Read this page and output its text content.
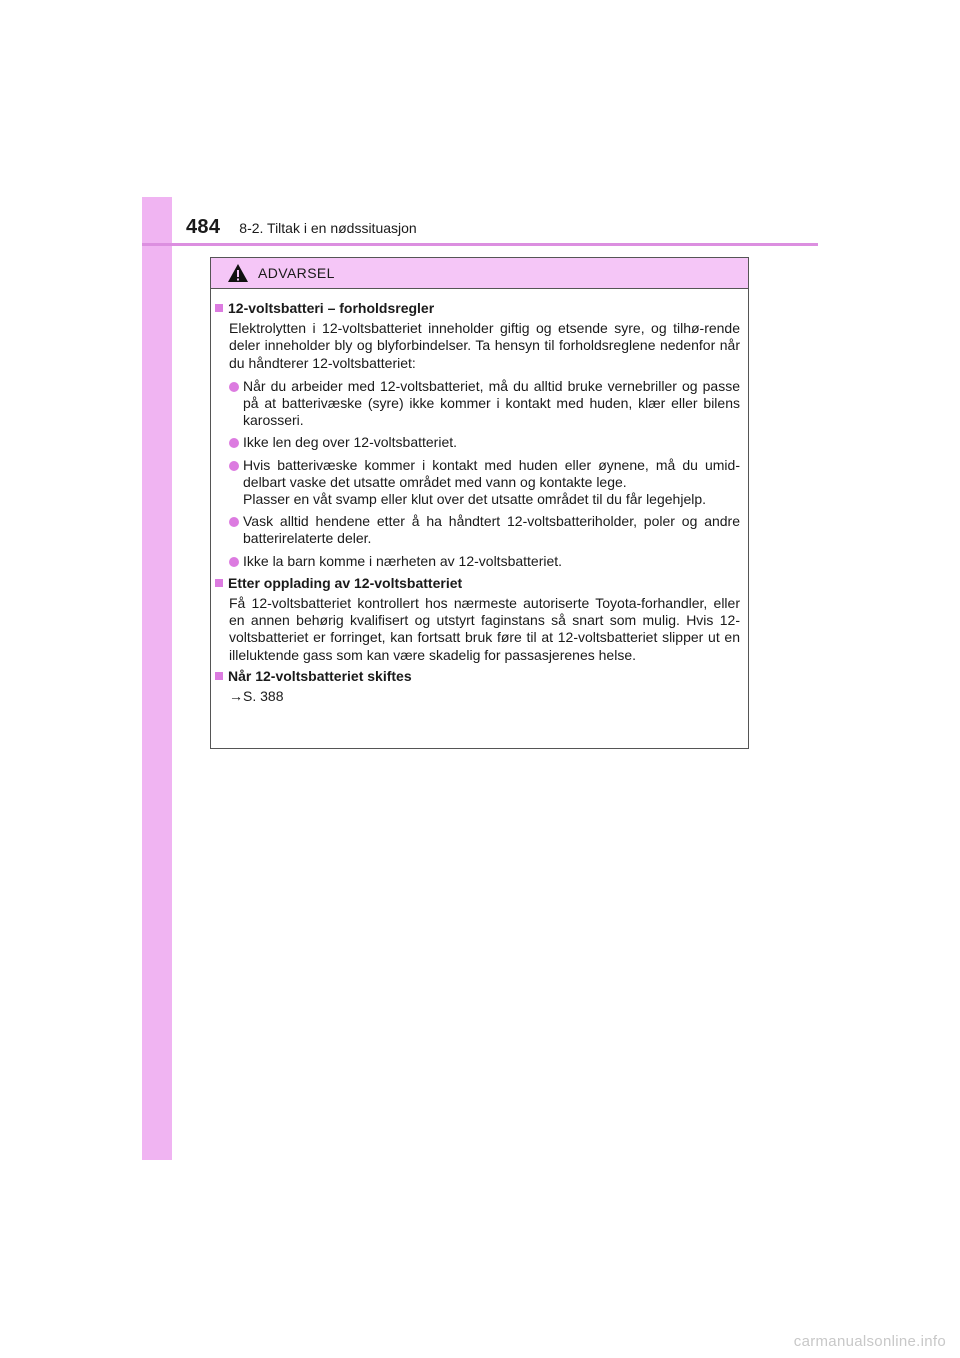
484 8-2. Tiltak i en nødssituasjon
ADVARSEL
12-voltsbatteri – forholdsregler
Elektrolytten i 12-voltsbatteriet inneholder giftig og etsende syre, og tilhø-rende deler inneholder bly og blyforbindelser. Ta hensyn til forholdsreglene nedenfor når du håndterer 12-voltsbatteriet:
Når du arbeider med 12-voltsbatteriet, må du alltid bruke vernebriller og passe på at batterivæske (syre) ikke kommer i kontakt med huden, klær eller bilens karosseri.
Ikke len deg over 12-voltsbatteriet.
Hvis batterivæske kommer i kontakt med huden eller øynene, må du umid-delbart vaske det utsatte området med vann og kontakte lege.
Plasser en våt svamp eller klut over det utsatte området til du får legehjelp.
Vask alltid hendene etter å ha håndtert 12-voltsbatteriholder, poler og andre batterirelaterte deler.
Ikke la barn komme i nærheten av 12-voltsbatteriet.
Etter opplading av 12-voltsbatteriet
Få 12-voltsbatteriet kontrollert hos nærmeste autoriserte Toyota-forhandler, eller en annen behørig kvalifisert og utstyrt faginstans så snart som mulig. Hvis 12-voltsbatteriet er forringet, kan fortsatt bruk føre til at 12-voltsbatteriet slipper ut en illeluktende gass som kan være skadelig for passasjerenes helse.
Når 12-voltsbatteriet skiftes
→S. 388
carmanualsonline.info
